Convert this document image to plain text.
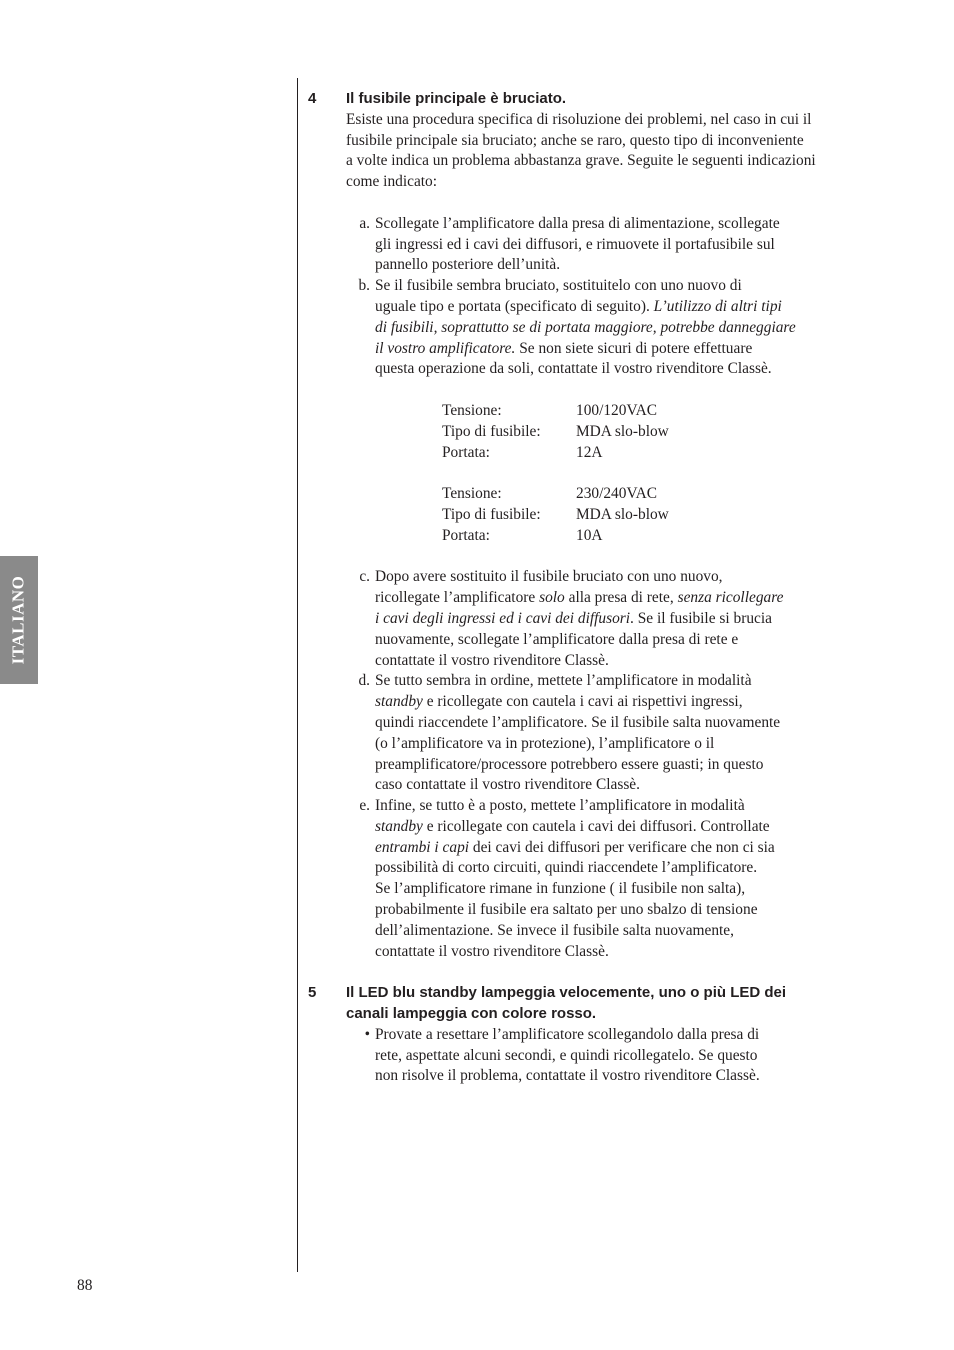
ITALIANO
88
4 Il fusibile principale è bruciato.
Esiste una procedura specifica di risoluzione dei problemi, nel caso in cui il
fusibile principale sia bruciato; anche se raro, questo tipo di inconveniente
a volte indica un problema abbastanza grave. Seguite le seguenti indicazioni
come indicato:
a. Scollegate l’amplificatore dalla presa di alimentazione, scollegate
gli ingressi ed i cavi dei diffusori, e rimuovete il portafusibile sul
pannello posteriore dell’unità.
b. Se il fusibile sembra bruciato, sostituitelo con uno nuovo di
uguale tipo e portata (specificato di seguito). L’utilizzo di altri tipi
di fusibili, soprattutto se di portata maggiore, potrebbe danneggiare
il vostro amplificatore. Se non siete sicuri di potere effettuare
questa operazione da soli, contattate il vostro rivenditore Classè.
Tensione:	100/120VAC
Tipo di fusibile:	MDA slo-blow
Portata:	12A
Tensione:	230/240VAC
Tipo di fusibile:	MDA slo-blow
Portata:	10A
c. Dopo avere sostituito il fusibile bruciato con uno nuovo,
ricollegate l’amplificatore solo alla presa di rete, senza ricollegare
i cavi degli ingressi ed i cavi dei diffusori. Se il fusibile si brucia
nuovamente, scollegate l’amplificatore dalla presa di rete e
contattate il vostro rivenditore Classè.
d. Se tutto sembra in ordine, mettete l’amplificatore in modalità
standby e ricollegate con cautela i cavi ai rispettivi ingressi,
quindi riaccendete l’amplificatore. Se il fusibile salta nuovamente
(o l’amplificatore va in protezione), l’amplificatore o il
preamplificatore/processore potrebbero essere guasti; in questo
caso contattate il vostro rivenditore Classè.
e. Infine, se tutto è a posto, mettete l’amplificatore in modalità
standby e ricollegate con cautela i cavi dei diffusori. Controllate
entrambi i capi dei cavi dei diffusori per verificare che non ci sia
possibilità di corto circuiti, quindi riaccendete l’amplificatore.
Se l’amplificatore rimane in funzione ( il fusibile non salta),
probabilmente il fusibile era saltato per uno sbalzo di tensione
dell’alimentazione. Se invece il fusibile salta nuovamente,
contattate il vostro rivenditore Classè.
5 Il LED blu standby lampeggia velocemente, uno o più LED dei
canali lampeggia con colore rosso.
• Provate a resettare l’amplificatore scollegandolo dalla presa di
rete, aspettate alcuni secondi, e quindi ricollegatelo. Se questo
non risolve il problema, contattate il vostro rivenditore Classè.
